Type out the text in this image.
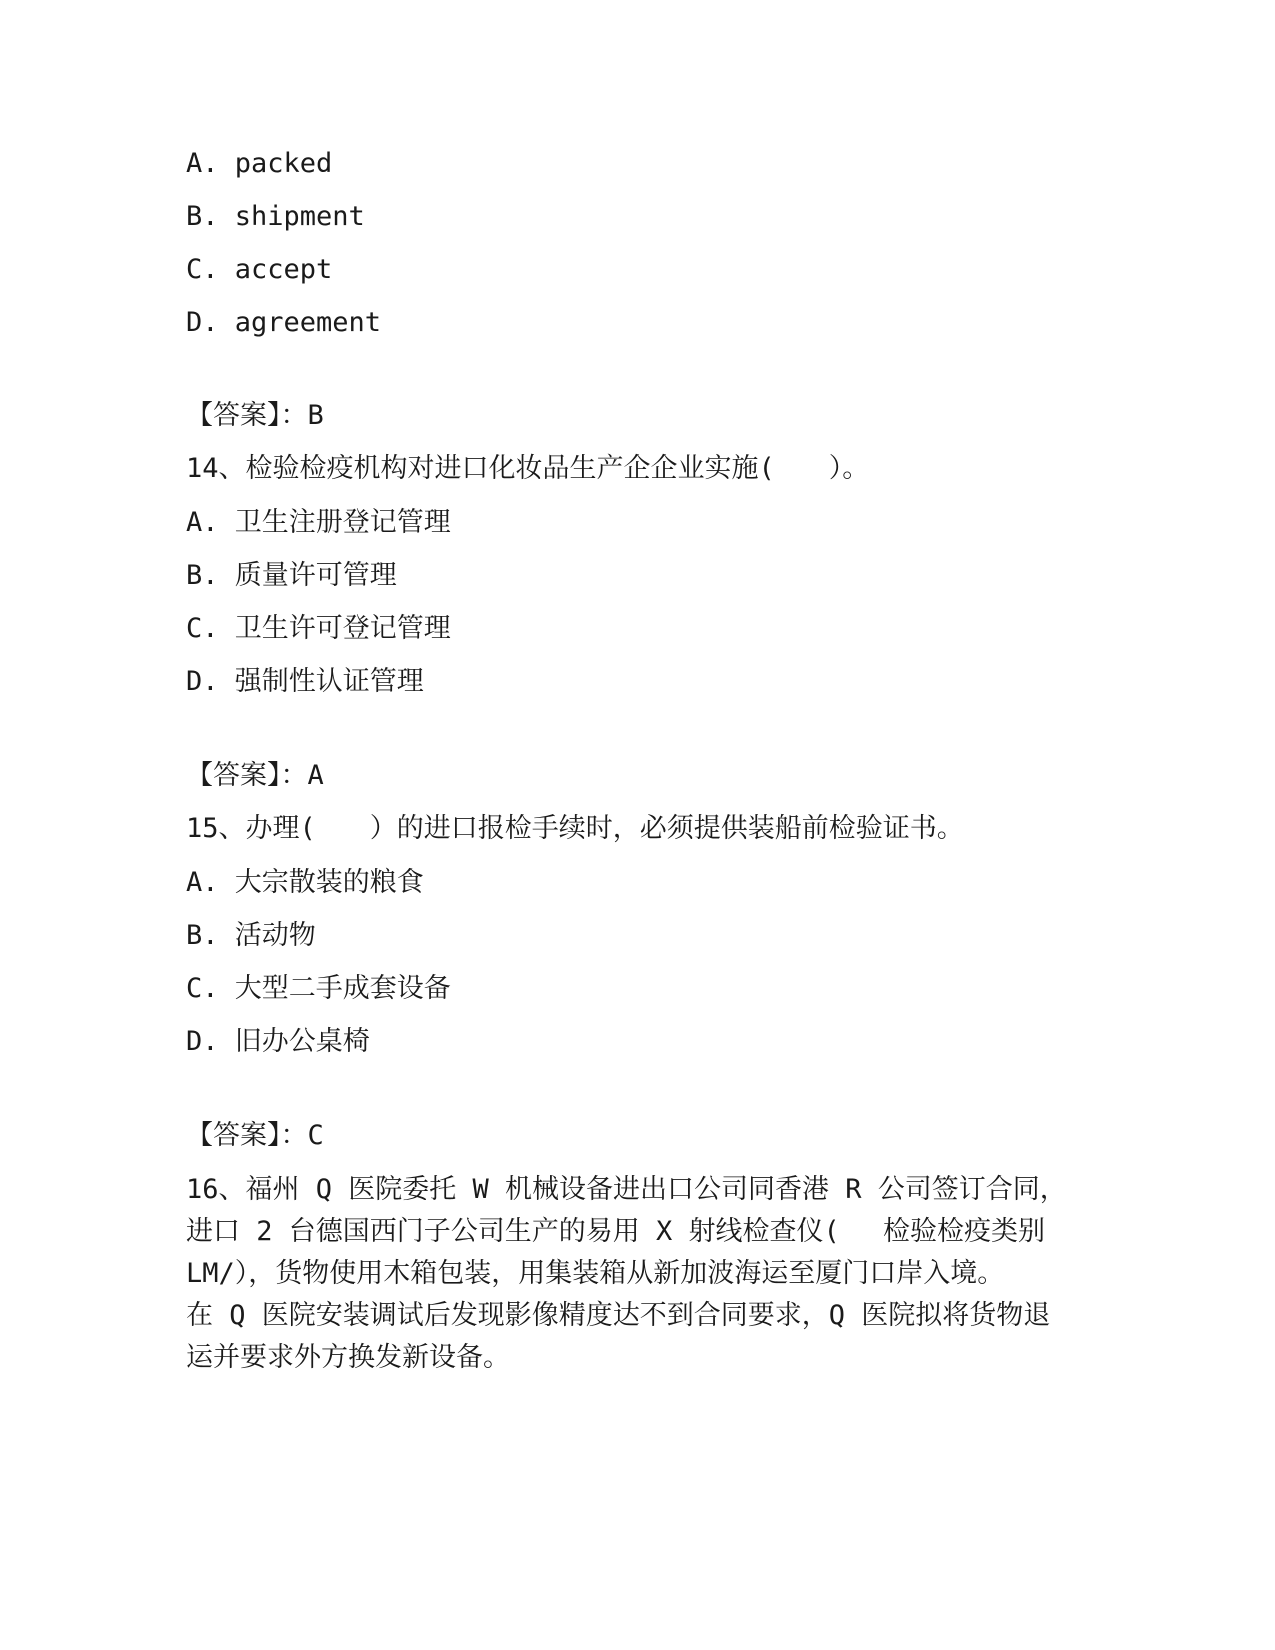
A. packed
B. shipment
C. accept
D. agreement
【答案】：B
14、检验检疫机构对进口化妆品生产企企业实施(　　）。
A. 卫生注册登记管理
B. 质量许可管理
C. 卫生许可登记管理
D. 强制性认证管理
【答案】：A
15、办理(　　）的进口报检手续时，必须提供装船前检验证书。
A. 大宗散装的粮食
B. 活动物
C. 大型二手成套设备
D. 旧办公桌椅
【答案】：C
16、福州 Q 医院委托 W 机械设备进出口公司同香港 R 公司签订合同，
进口 2 台德国西门子公司生产的易用 X 射线检查仪(　 检验检疫类别
LM/），货物使用木箱包装，用集装箱从新加波海运至厦门口岸入境。
在 Q 医院安装调试后发现影像精度达不到合同要求，Q 医院拟将货物退
运并要求外方换发新设备。
